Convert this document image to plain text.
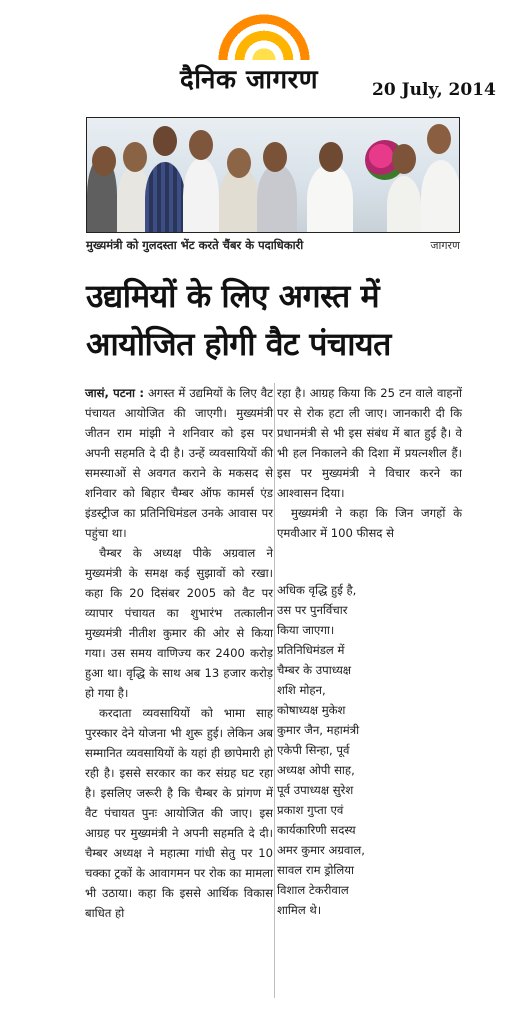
दैनिक जागरण	20 July, 2014
मुख्यमंत्री को गुलदस्ता भेंट करते चैंबर के पदाधिकारी	जागरण
उद्यमियों के लिए अगस्त में
आयोजित होगी वैट पंचायत

जासं, पटना : अगस्त में उद्यमियों के लिए वैट पंचायत आयोजित की जाएगी। मुख्यमंत्री जीतन राम मांझी ने शनिवार को इस पर अपनी सहमति दे दी है। उन्हें व्यवसायियों की समस्याओं से अवगत कराने के मकसद से शनिवार को बिहार चैम्बर ऑफ कामर्स एंड इंडस्ट्रीज का प्रतिनिधिमंडल उनके आवास पर पहुंचा था।

चैम्बर के अध्यक्ष पीके अग्रवाल ने मुख्यमंत्री के समक्ष कई सुझावों को रखा। कहा कि 20 दिसंबर 2005 को वैट पर व्यापार पंचायत का शुभारंभ तत्कालीन मुख्यमंत्री नीतीश कुमार की ओर से किया गया। उस समय वाणिज्य कर 2400 करोड़ हुआ था। वृद्धि के साथ अब 13 हजार करोड़ हो गया है।

करदाता व्यवसायियों को भामा साह पुरस्कार देने योजना भी शुरू हुई। लेकिन अब सम्मानित व्यवसायियों के यहां ही छापेमारी हो रही है। इससे सरकार का कर संग्रह घट रहा है। इसलिए जरूरी है कि चैम्बर के प्रांगण में वैट पंचायत पुनः आयोजित की जाए। इस आग्रह पर मुख्यमंत्री ने अपनी सहमति दे दी। चैम्बर अध्यक्ष ने महात्मा गांधी सेतु पर 10 चक्का ट्रकों के आवागमन पर रोक का मामला भी उठाया। कहा कि इससे आर्थिक विकास बाधित हो

रहा है। आग्रह किया कि 25 टन वाले वाहनों पर से रोक हटा ली जाए। जानकारी दी कि प्रधानमंत्री से भी इस संबंध में बात हुई है। वे भी हल निकालने की दिशा में प्रयत्नशील हैं। इस पर मुख्यमंत्री ने विचार करने का आश्वासन दिया।

मुख्यमंत्री ने कहा कि जिन जगहों के एमवीआर में 100 फीसद से

अधिक वृद्धि हुई है, उस पर पुनर्विचार किया जाएगा।

प्रतिनिधिमंडल में चैम्बर के उपाध्यक्ष शशि मोहन, कोषाध्यक्ष मुकेश कुमार जैन, महामंत्री एकेपी सिन्हा, पूर्व अध्यक्ष ओपी साह, पूर्व उपाध्यक्ष सुरेश प्रकाश गुप्ता एवं कार्यकारिणी सदस्य अमर कुमार अग्रवाल, सावल राम ड्रोलिया विशाल टेकरीवाल शामिल थे।
